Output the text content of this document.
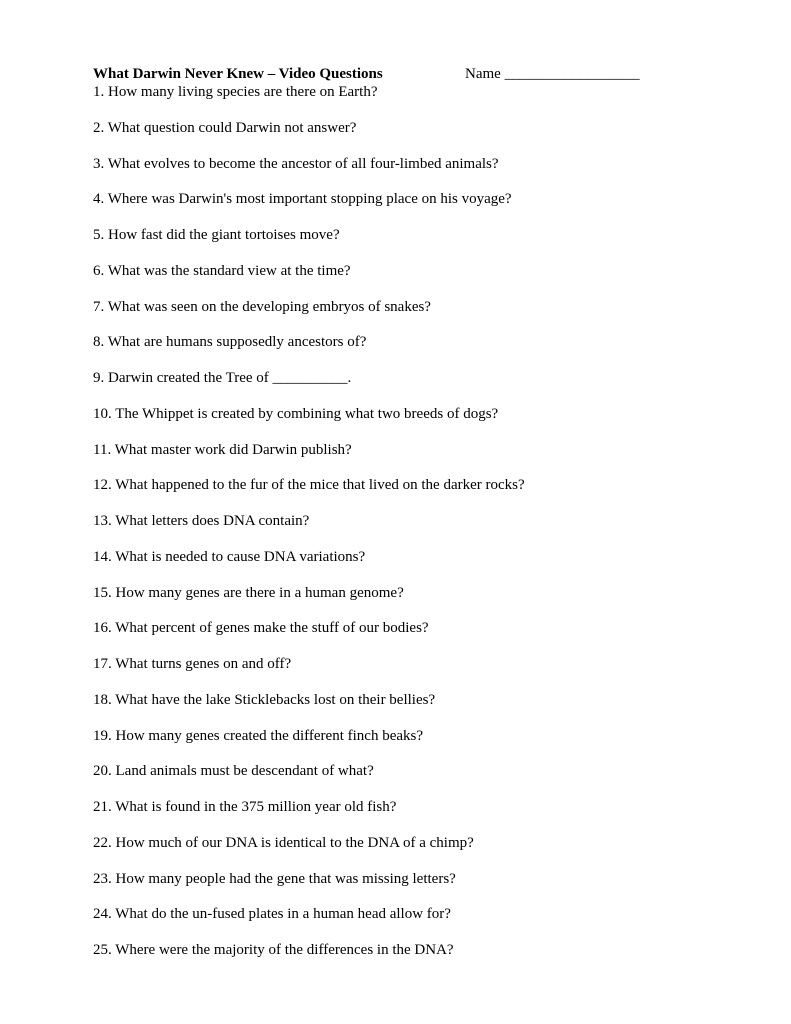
What Darwin Never Knew – Video Questions	Name __________________
1. How many living species are there on Earth?
2. What question could Darwin not answer?
3. What evolves to become the ancestor of all four-limbed animals?
4. Where was Darwin's most important stopping place on his voyage?
5. How fast did the giant tortoises move?
6. What was the standard view at the time?
7. What was seen on the developing embryos of snakes?
8. What are humans supposedly ancestors of?
9. Darwin created the Tree of __________.
10. The Whippet is created by combining what two breeds of dogs?
11. What master work did Darwin publish?
12. What happened to the fur of the mice that lived on the darker rocks?
13. What letters does DNA contain?
14. What is needed to cause DNA variations?
15. How many genes are there in a human genome?
16. What percent of genes make the stuff of our bodies?
17. What turns genes on and off?
18. What have the lake Sticklebacks lost on their bellies?
19. How many genes created the different finch beaks?
20. Land animals must be descendant of what?
21. What is found in the 375 million year old fish?
22. How much of our DNA is identical to the DNA of a chimp?
23. How many people had the gene that was missing letters?
24. What do the un-fused plates in a human head allow for?
25. Where were the majority of the differences in the DNA?
